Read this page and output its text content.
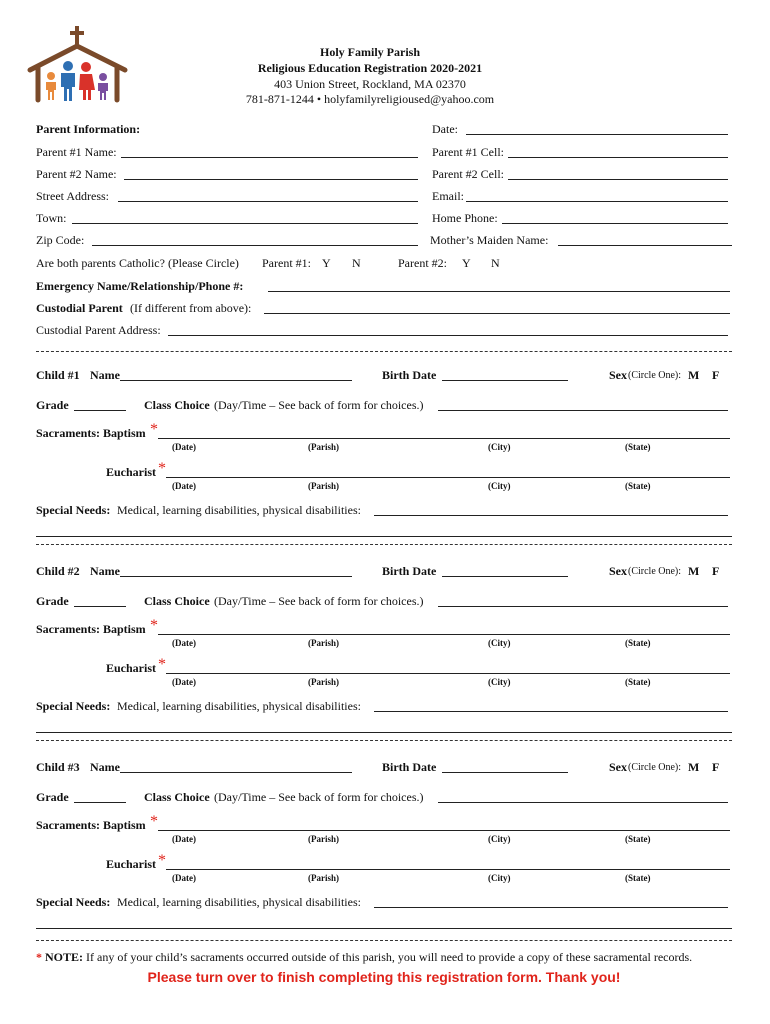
Holy Family Parish
Religious Education Registration 2020-2021
403 Union Street, Rockland, MA 02370
781-871-1244 • holyfamilyreligioused@yahoo.com
Parent Information:	Date:
Parent #1 Name:	Parent #1 Cell:
Parent #2 Name:	Parent #2 Cell:
Street Address:	Email:
Town:	Home Phone:
Zip Code:	Mother’s Maiden Name:
Are both parents Catholic? (Please Circle) Parent #1: Y N	Parent #2: Y N
Emergency Name/Relationship/Phone #:
Custodial Parent (If different from above):
Custodial Parent Address:
Child #1 Name	Birth Date	Sex (Circle One): M F
Grade	Class Choice (Day/Time – See back of form for choices.)
Sacraments: Baptism *
(Date)	(Parish)	(City)	(State)
Eucharist *
(Date)	(Parish)	(City)	(State)
Special Needs: Medical, learning disabilities, physical disabilities:
Child #2 Name	Birth Date	Sex (Circle One): M F
Grade	Class Choice (Day/Time – See back of form for choices.)
Sacraments: Baptism *
(Date)	(Parish)	(City)	(State)
Eucharist *
(Date)	(Parish)	(City)	(State)
Special Needs: Medical, learning disabilities, physical disabilities:
Child #3 Name	Birth Date	Sex (Circle One): M F
Grade	Class Choice (Day/Time – See back of form for choices.)
Sacraments: Baptism *
(Date)	(Parish)	(City)	(State)
Eucharist *
(Date)	(Parish)	(City)	(State)
Special Needs: Medical, learning disabilities, physical disabilities:
* NOTE: If any of your child’s sacraments occurred outside of this parish, you will need to provide a copy of these sacramental records.
Please turn over to finish completing this registration form. Thank you!
